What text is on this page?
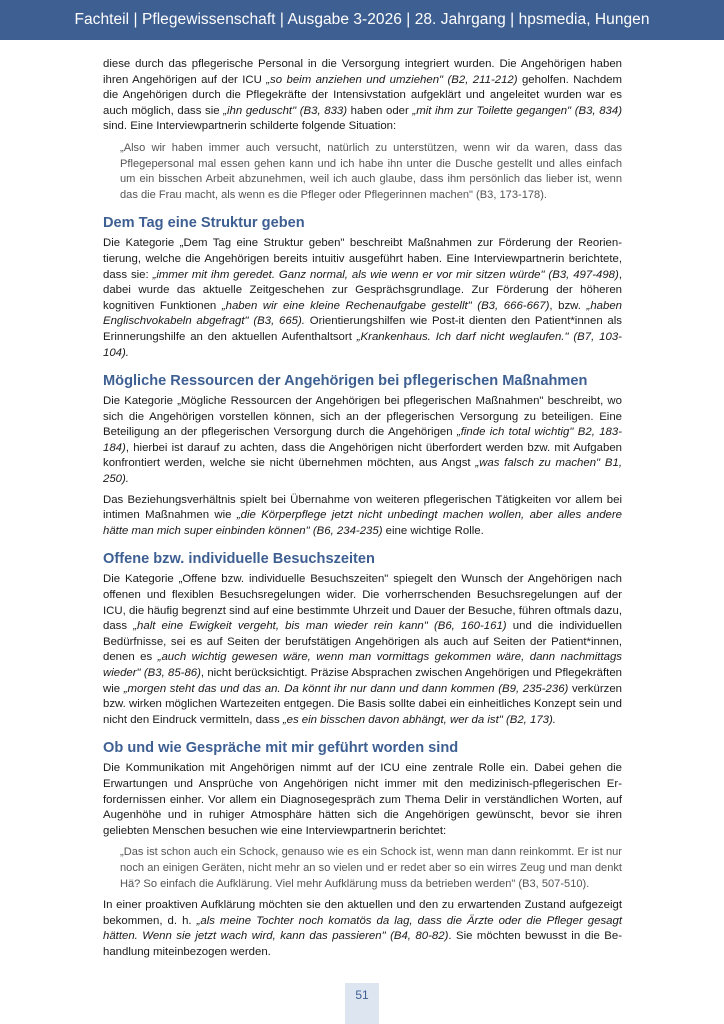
Fachteil | Pflegewissenschaft | Ausgabe 3-2026 | 28. Jahrgang | hpsmedia, Hungen

diese durch das pflegerische Personal in die Versorgung integriert wurden. Die Angehörigen haben ihren Angehörigen auf der ICU „so beim anziehen und umziehen" (B2, 211-212) geholfen. Nachdem die Angehörigen durch die Pflegekräfte der Intensivstation aufgeklärt und angeleitet wurden war es auch möglich, dass sie „ihn geduscht" (B3, 833) haben oder „mit ihm zur Toilette gegangen" (B3, 834) sind. Eine Interviewpartnerin schilderte folgende Situation:

„Also wir haben immer auch versucht, natürlich zu unterstützen, wenn wir da waren, dass das Pflegepersonal mal essen gehen kann und ich habe ihn unter die Dusche gestellt und alles einfach um ein bisschen Arbeit abzunehmen, weil ich auch glaube, dass ihm persönlich das lieber ist, wenn das die Frau macht, als wenn es die Pfleger oder Pflegerinnen machen" (B3, 173-178).
Dem Tag eine Struktur geben

Die Kategorie „Dem Tag eine Struktur geben" beschreibt Maßnahmen zur Förderung der Reorientierung, welche die Angehörigen bereits intuitiv ausgeführt haben. Eine Interviewpartnerin berichtete, dass sie: „immer mit ihm geredet. Ganz normal, als wie wenn er vor mir sitzen würde" (B3, 497-498), dabei wurde das aktuelle Zeitgeschehen zur Gesprächsgrundlage. Zur Förderung der höheren kognitiven Funktionen „haben wir eine kleine Rechenaufgabe gestellt" (B3, 666-667), bzw. „haben Englischvokabeln abgefragt" (B3, 665). Orientierungshilfen wie Post-it dienten den Patient*innen als Erinnerungshilfe an den aktuellen Aufenthaltsort „Krankenhaus. Ich darf nicht weglaufen." (B7, 103-104).

Mögliche Ressourcen der Angehörigen bei pflegerischen Maßnahmen

Die Kategorie „Mögliche Ressourcen der Angehörigen bei pflegerischen Maßnahmen" beschreibt, wo sich die Angehörigen vorstellen können, sich an der pflegerischen Versorgung zu beteiligen. Eine Beteiligung an der pflegerischen Versorgung durch die Angehörigen „finde ich total wichtig" B2, 183-184), hierbei ist darauf zu achten, dass die Angehörigen nicht überfordert werden bzw. mit Aufgaben konfrontiert werden, welche sie nicht übernehmen möchten, aus Angst „was falsch zu machen" B1, 250).

Das Beziehungsverhältnis spielt bei Übernahme von weiteren pflegerischen Tätigkeiten vor allem bei intimen Maßnahmen wie „die Körperpflege jetzt nicht unbedingt machen wollen, aber alles andere hätte man mich super einbinden können" (B6, 234-235) eine wichtige Rolle.

Offene bzw. individuelle Besuchszeiten

Die Kategorie „Offene bzw. individuelle Besuchszeiten" spiegelt den Wunsch der Angehörigen nach offenen und flexiblen Besuchsregelungen wider. Die vorherrschenden Besuchsregelungen auf der ICU, die häufig begrenzt sind auf eine bestimmte Uhrzeit und Dauer der Besuche, führen oftmals dazu, dass „halt eine Ewigkeit vergeht, bis man wieder rein kann" (B6, 160-161) und die individuellen Bedürfnisse, sei es auf Seiten der berufstätigen Angehörigen als auch auf Seiten der Patient*innen, denen es „auch wichtig gewesen wäre, wenn man vormittags gekommen wäre, dann nachmittags wieder" (B3, 85-86), nicht berücksichtigt. Präzise Absprachen zwischen Angehörigen und Pflegekräften wie „morgen steht das und das an. Da könnt ihr nur dann und dann kommen (B9, 235-236) verkürzen bzw. wirken möglichen Wartezeiten entgegen. Die Basis sollte dabei ein einheitliches Konzept sein und nicht den Eindruck vermitteln, dass „es ein bisschen davon abhängt, wer da ist" (B2, 173).

Ob und wie Gespräche mit mir geführt worden sind

Die Kommunikation mit Angehörigen nimmt auf der ICU eine zentrale Rolle ein. Dabei gehen die Erwartungen und Ansprüche von Angehörigen nicht immer mit den medizinisch-pflegerischen Erfordernissen einher. Vor allem ein Diagnosegespräch zum Thema Delir in verständlichen Worten, auf Augenhöhe und in ruhiger Atmosphäre hätten sich die Angehörigen gewünscht, bevor sie ihren geliebten Menschen besuchen wie eine Interviewpartnerin berichtet:

„Das ist schon auch ein Schock, genauso wie es ein Schock ist, wenn man dann reinkommt. Er ist nur noch an einigen Geräten, nicht mehr an so vielen und er redet aber so ein wirres Zeug und man denkt Hä? So einfach die Aufklärung. Viel mehr Aufklärung muss da betrieben werden" (B3, 507-510).

In einer proaktiven Aufklärung möchten sie den aktuellen und den zu erwartenden Zustand aufgezeigt bekommen, d. h. „als meine Tochter noch komatös da lag, dass die Ärzte oder die Pfleger gesagt hätten. Wenn sie jetzt wach wird, kann das passieren" (B4, 80-82). Sie möchten bewusst in die Behandlung miteinbezogen werden.

51
